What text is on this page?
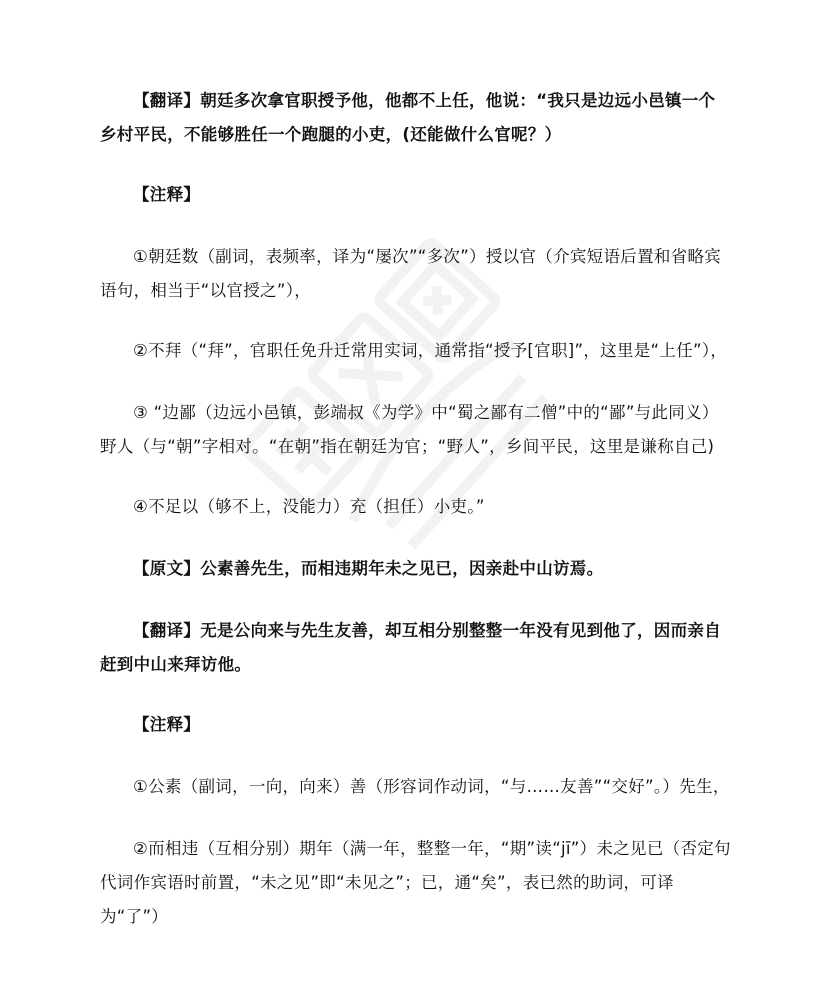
【翻译】朝廷多次拿官职授予他，他都不上任，他说：“我只是边远小邑镇一个乡村平民，不能够胜任一个跑腿的小吏，(还能做什么官呢？）

【注释】

①朝廷数（副词，表频率，译为“屡次”“多次”）授以官（介宾短语后置和省略宾语句，相当于“以官授之”），

②不拜（“拜”，官职任免升迁常用实词，通常指“授予[官职]”，这里是“上任”），

③ “边鄙（边远小邑镇，彭端叔《为学》中“蜀之鄙有二僧”中的“鄙”与此同义）野人（与“朝”字相对。“在朝”指在朝廷为官；“野人”，乡间平民，这里是谦称自己)

④不足以（够不上，没能力）充（担任）小吏。”

【原文】公素善先生，而相违期年未之见已，因亲赴中山访焉。

【翻译】无是公向来与先生友善，却互相分别整整一年没有见到他了，因而亲自赶到中山来拜访他。

【注释】

①公素（副词，一向，向来）善（形容词作动词，“与……友善”“交好”。）先生，

②而相违（互相分别）期年（满一年，整整一年，“期”读“jī”）未之见已（否定句代词作宾语时前置，“未之见”即“未见之”；已，通“矣”，表已然的助词，可译为“了”）
